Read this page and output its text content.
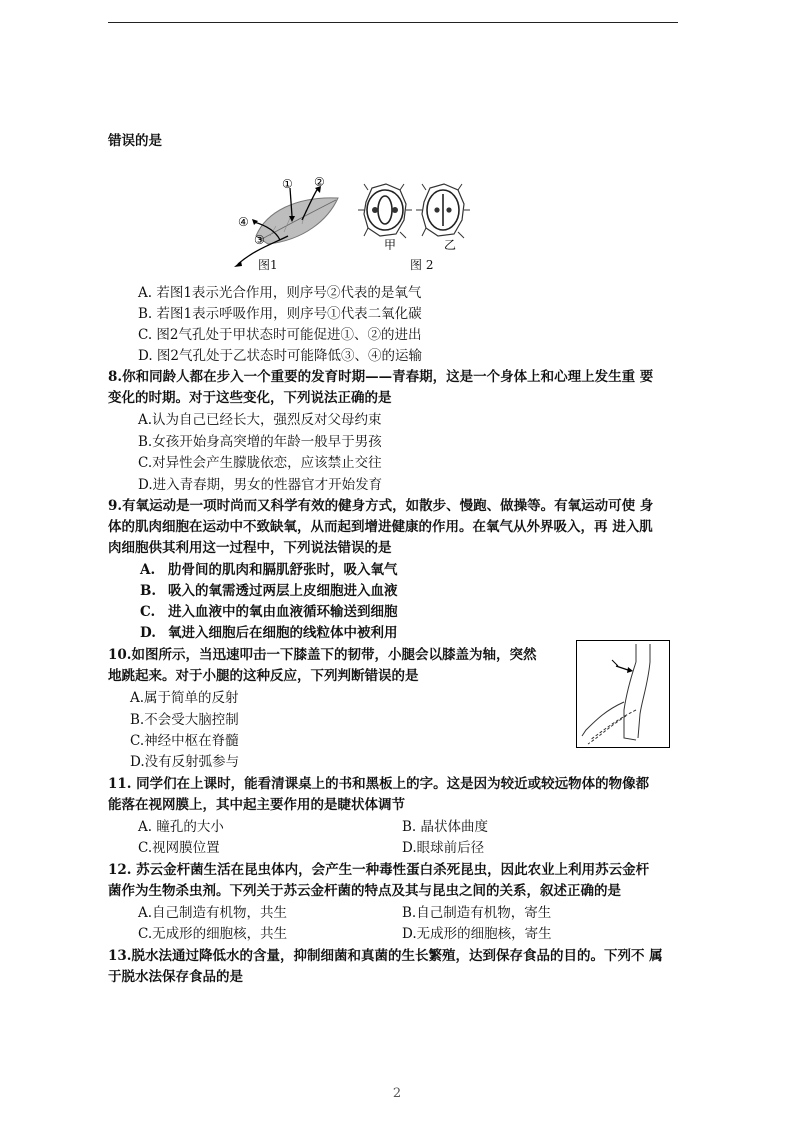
错误的是
① ②
③
④
图1
甲	乙
图 2
A. 若图1表示光合作用，则序号②代表的是氧气
B. 若图1表示呼吸作用，则序号①代表二氧化碳
C. 图2气孔处于甲状态时可能促进①、②的进出
D. 图2气孔处于乙状态时可能降低③、④的运输
8.你和同龄人都在步入一个重要的发育时期——青春期，这是一个身体上和心理上发生重 要
变化的时期。对于这些变化，下列说法正确的是
A.认为自己已经长大，强烈反对父母约束
B.女孩开始身高突增的年龄一般早于男孩
C.对异性会产生朦胧依恋，应该禁止交往
D.进入青春期，男女的性器官才开始发育
9.有氧运动是一项时尚而又科学有效的健身方式，如散步、慢跑、做操等。有氧运动可使 身
体的肌肉细胞在运动中不致缺氧，从而起到增进健康的作用。在氧气从外界吸入，再 进入肌
肉细胞供其利用这一过程中，下列说法错误的是
A. 肋骨间的肌肉和膈肌舒张时，吸入氧气
B. 吸入的氧需透过两层上皮细胞进入血液
C. 进入血液中的氧由血液循环输送到细胞
D. 氧进入细胞后在细胞的线粒体中被利用
10.如图所示，当迅速叩击一下膝盖下的韧带，小腿会以膝盖为轴，突然
地跳起来。对于小腿的这种反应，下列判断错误的是
A.属于简单的反射
B.不会受大脑控制
C.神经中枢在脊髓
D.没有反射弧参与
11. 同学们在上课时，能看清课桌上的书和黑板上的字。这是因为较近或较远物体的物像都
能落在视网膜上，其中起主要作用的是睫状体调节
A. 瞳孔的大小	B. 晶状体曲度
C.视网膜位置	D.眼球前后径
12. 苏云金杆菌生活在昆虫体内，会产生一种毒性蛋白杀死昆虫，因此农业上利用苏云金杆
菌作为生物杀虫剂。下列关于苏云金杆菌的特点及其与昆虫之间的关系，叙述正确的是
A.自己制造有机物，共生	B.自己制造有机物，寄生
C.无成形的细胞核，共生	D.无成形的细胞核，寄生
13.脱水法通过降低水的含量，抑制细菌和真菌的生长繁殖，达到保存食品的目的。下列不 属
于脱水法保存食品的是
2
